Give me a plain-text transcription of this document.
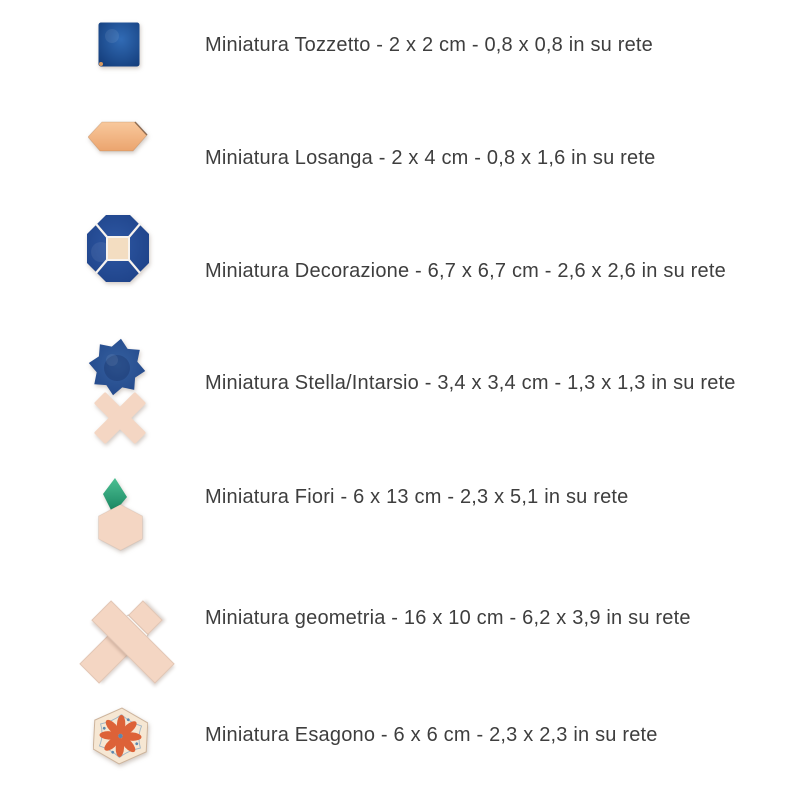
Miniatura Tozzetto - 2 x 2 cm - 0,8 x 0,8 in su rete
Miniatura Losanga - 2 x 4 cm - 0,8 x 1,6 in su rete
Miniatura Decorazione - 6,7 x 6,7 cm - 2,6 x 2,6 in su rete
Miniatura Stella/Intarsio - 3,4 x 3,4 cm - 1,3 x 1,3 in su rete
Miniatura Fiori - 6 x 13 cm - 2,3 x 5,1 in su rete
Miniatura geometria - 16 x 10 cm - 6,2 x 3,9 in su rete
Miniatura Esagono - 6 x 6 cm - 2,3 x 2,3 in su rete
